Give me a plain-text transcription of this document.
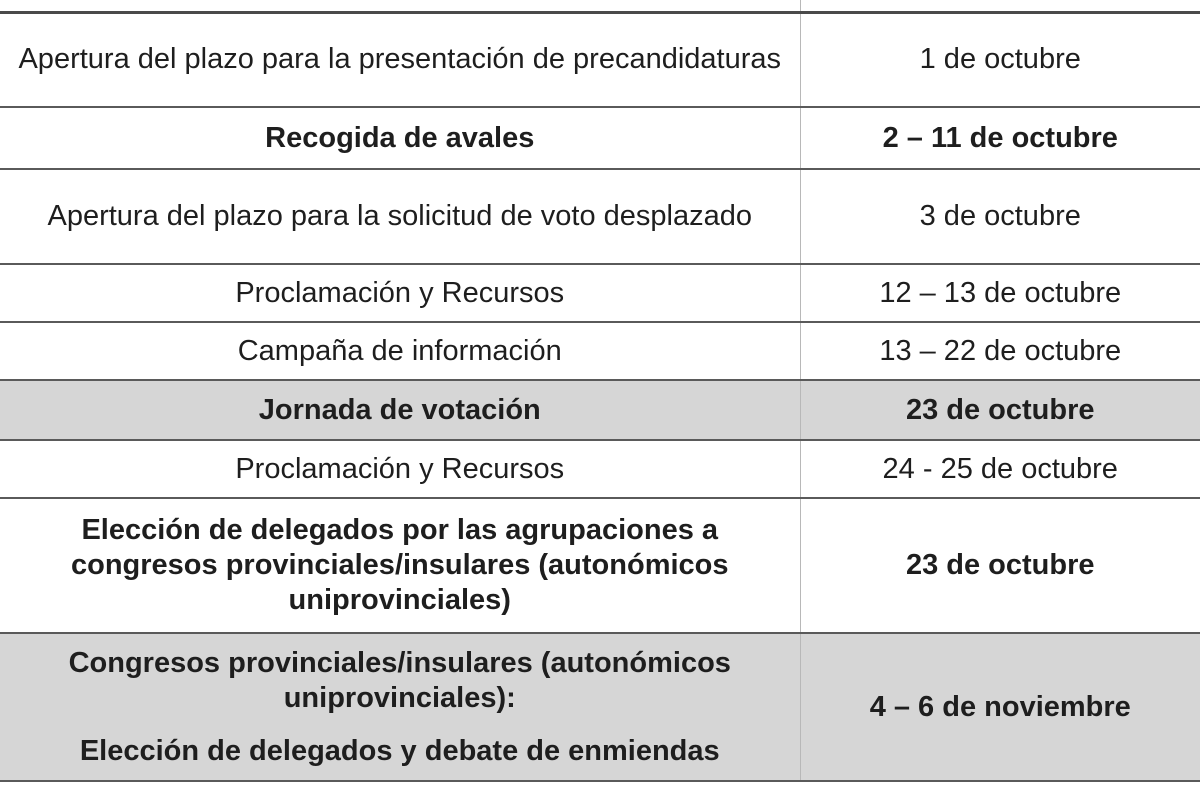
Apertura del plazo para la presentación de precandidaturas	1 de octubre
Recogida de avales	2 – 11 de octubre
Apertura del plazo para la solicitud de voto desplazado	3 de octubre
Proclamación y Recursos	12 – 13 de octubre
Campaña de información	13 – 22 de octubre
Jornada de votación	23 de octubre
Proclamación y Recursos	24 - 25 de octubre
Elección de delegados por las agrupaciones a congresos provinciales/insulares (autonómicos uniprovinciales)	23 de octubre

Congresos provinciales/insulares (autonómicos uniprovinciales):
Elección de delegados y debate de enmiendas	4 – 6 de noviembre
